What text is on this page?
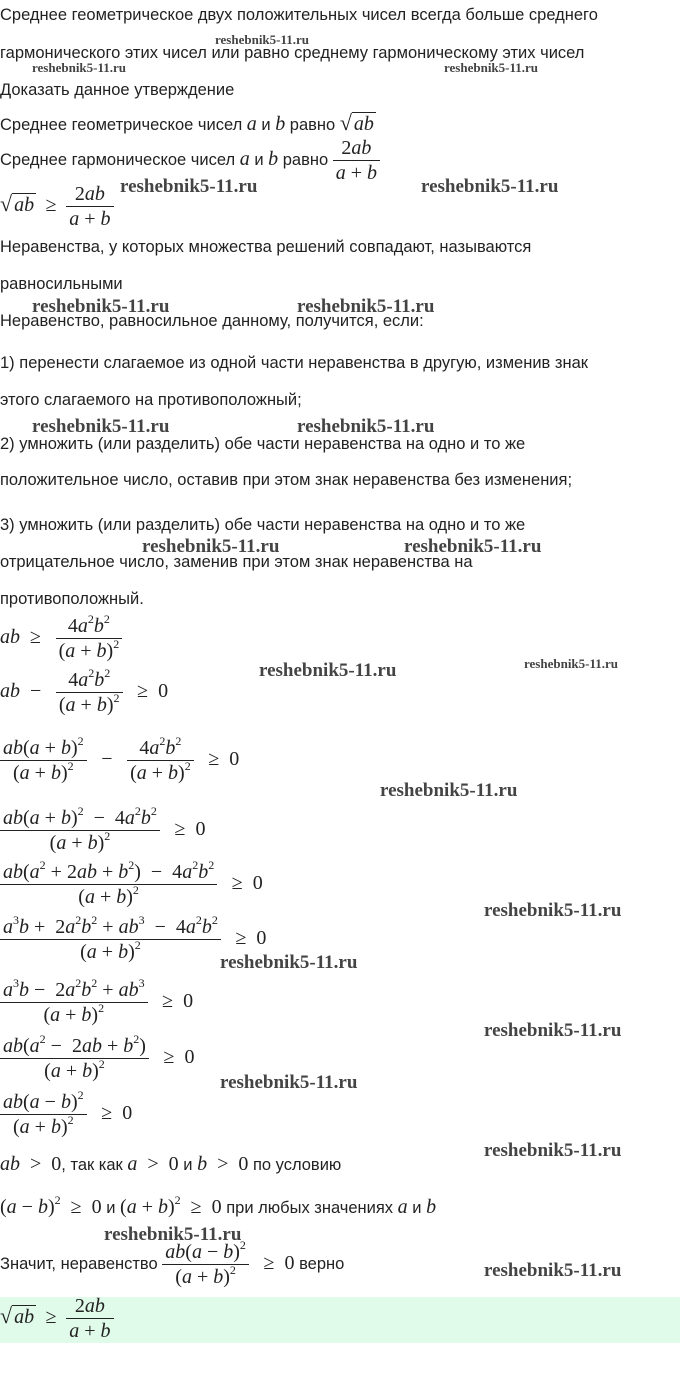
Среднее геометрическое двух положительных чисел всегда больше среднего
гармонического этих чисел или равно среднему гармоническому этих чисел
Доказать данное утверждение
Среднее геометрическое чисел a и b равно √ ab
Среднее гармоническое чисел a и b равно $\frac{2ab}{a + b}$
√ ab  ≥ $\frac{2ab}{a + b}$
Неравенства, у которых множества решений совпадают, называются
равносильными
Неравенство, равносильное данному, получится, если:
1) перенести слагаемое из одной части неравенства в другую, изменив знак
этого слагаемого на противоположный;
2) умножить (или разделить) обе части неравенства на одно и то же
положительное число, оставив при этом знак неравенства без изменения;
3) умножить (или разделить) обе части неравенства на одно и то же
отрицательное число, заменив при этом знак неравенства на
противоположный.
ab  ≥ $\frac{4a^2b^2}{(a + b)^2}$
ab  − $\frac{4a^2b^2}{(a + b)^2} \ge 0$
$\frac{ab(a + b)^2}{(a + b)^2} - \frac{4a^2b^2}{(a + b)^2} \ge 0$
$\frac{ab(a + b)^2 - 4a^2b^2}{(a + b)^2} \ge 0$
$\frac{ab(a^2 + 2ab + b^2) - 4a^2b^2}{(a + b)^2} \ge 0$
$\frac{a^3b + 2a^2b^2 + ab^3 - 4a^2b^2}{(a + b)^2} \ge 0$
$\frac{a^3b - 2a^2b^2 + ab^3}{(a + b)^2} \ge 0$
$\frac{ab(a^2 - 2ab + b^2)}{(a + b)^2} \ge 0$
$\frac{ab(a - b)^2}{(a + b)^2} \ge 0$
ab  >  0, так как a  >  0 и b  >  0 по условию
$(a - b)^2 \ge 0$ и $(a + b)^2 \ge 0$ при любых значениях a и b
Значит, неравенство $\frac{ab(a - b)^2}{(a + b)^2} \ge 0$ верно
√ ab  ≥ $\frac{2ab}{a + b}$
reshebnik5-11.ru
reshebnik5-11.ru	reshebnik5-11.ru
reshebnik5-11.ru	reshebnik5-11.ru
reshebnik5-11.ru	reshebnik5-11.ru
reshebnik5-11.ru	reshebnik5-11.ru
reshebnik5-11.ru	reshebnik5-11.ru
reshebnik5-11.ru	reshebnik5-11.ru
reshebnik5-11.ru
reshebnik5-11.ru
reshebnik5-11.ru
reshebnik5-11.ru
reshebnik5-11.ru
reshebnik5-11.ru
reshebnik5-11.ru
reshebnik5-11.ru
